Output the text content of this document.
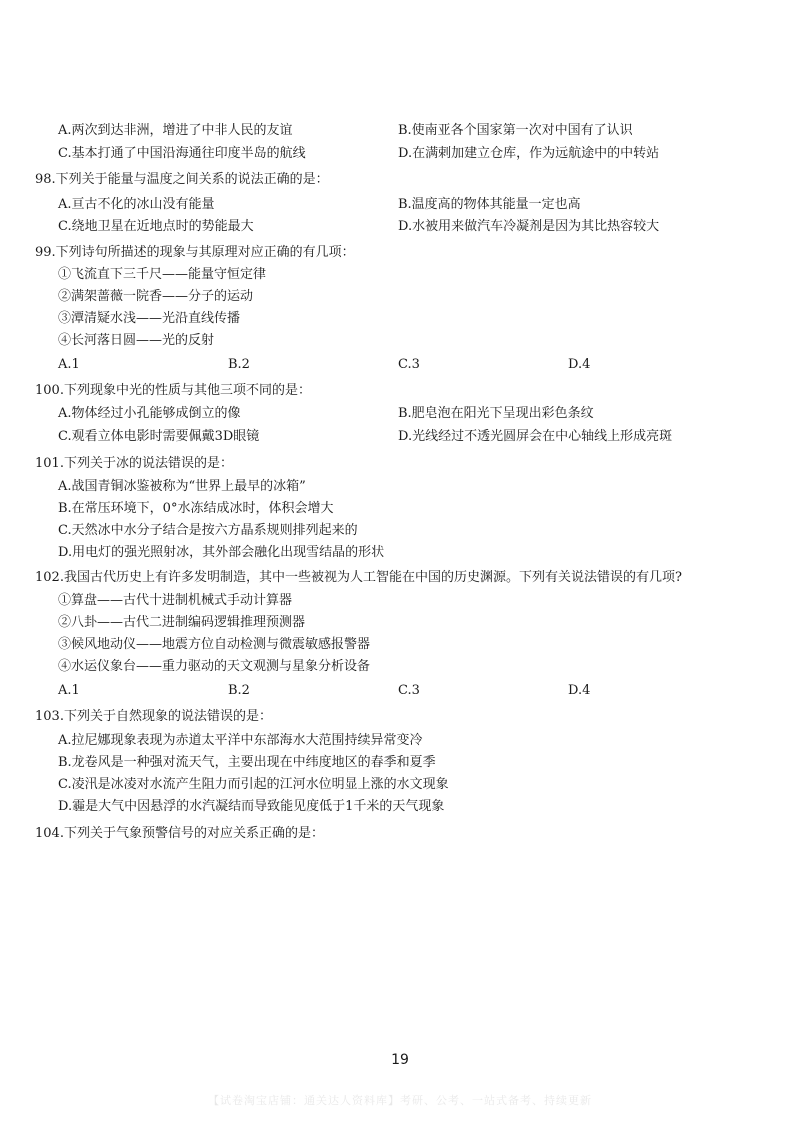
A.两次到达非洲，增进了中非人民的友谊	B.使南亚各个国家第一次对中国有了认识
C.基本打通了中国沿海通往印度半岛的航线	D.在满剌加建立仓库，作为远航途中的中转站
98.下列关于能量与温度之间关系的说法正确的是：
A.亘古不化的冰山没有能量	B.温度高的物体其能量一定也高
C.绕地卫星在近地点时的势能最大	D.水被用来做汽车冷凝剂是因为其比热容较大
99.下列诗句所描述的现象与其原理对应正确的有几项：
①飞流直下三千尺——能量守恒定律
②满架蔷薇一院香——分子的运动
③潭清疑水浅——光沿直线传播
④长河落日圆——光的反射
A.1	B.2	C.3	D.4
100.下列现象中光的性质与其他三项不同的是：
A.物体经过小孔能够成倒立的像	B.肥皂泡在阳光下呈现出彩色条纹
C.观看立体电影时需要佩戴3D眼镜	D.光线经过不透光圆屏会在中心轴线上形成亮斑
101.下列关于冰的说法错误的是：
A.战国青铜冰鉴被称为“世界上最早的冰箱”
B.在常压环境下，0°水冻结成冰时，体积会增大
C.天然冰中水分子结合是按六方晶系规则排列起来的
D.用电灯的强光照射冰，其外部会融化出现雪结晶的形状
102.我国古代历史上有许多发明制造，其中一些被视为人工智能在中国的历史渊源。下列有关说法错误的有几项?
①算盘——古代十进制机械式手动计算器
②八卦——古代二进制编码逻辑推理预测器
③候风地动仪——地震方位自动检测与微震敏感报警器
④水运仪象台——重力驱动的天文观测与星象分析设备
A.1	B.2	C.3	D.4
103.下列关于自然现象的说法错误的是：
A.拉尼娜现象表现为赤道太平洋中东部海水大范围持续异常变冷
B.龙卷风是一种强对流天气，主要出现在中纬度地区的春季和夏季
C.凌汛是冰凌对水流产生阻力而引起的江河水位明显上涨的水文现象
D.霾是大气中因悬浮的水汽凝结而导致能见度低于1千米的天气现象
104.下列关于气象预警信号的对应关系正确的是：
19
【试卷淘宝店铺：通关达人资料库】考研、公考、一站式备考、持续更新
